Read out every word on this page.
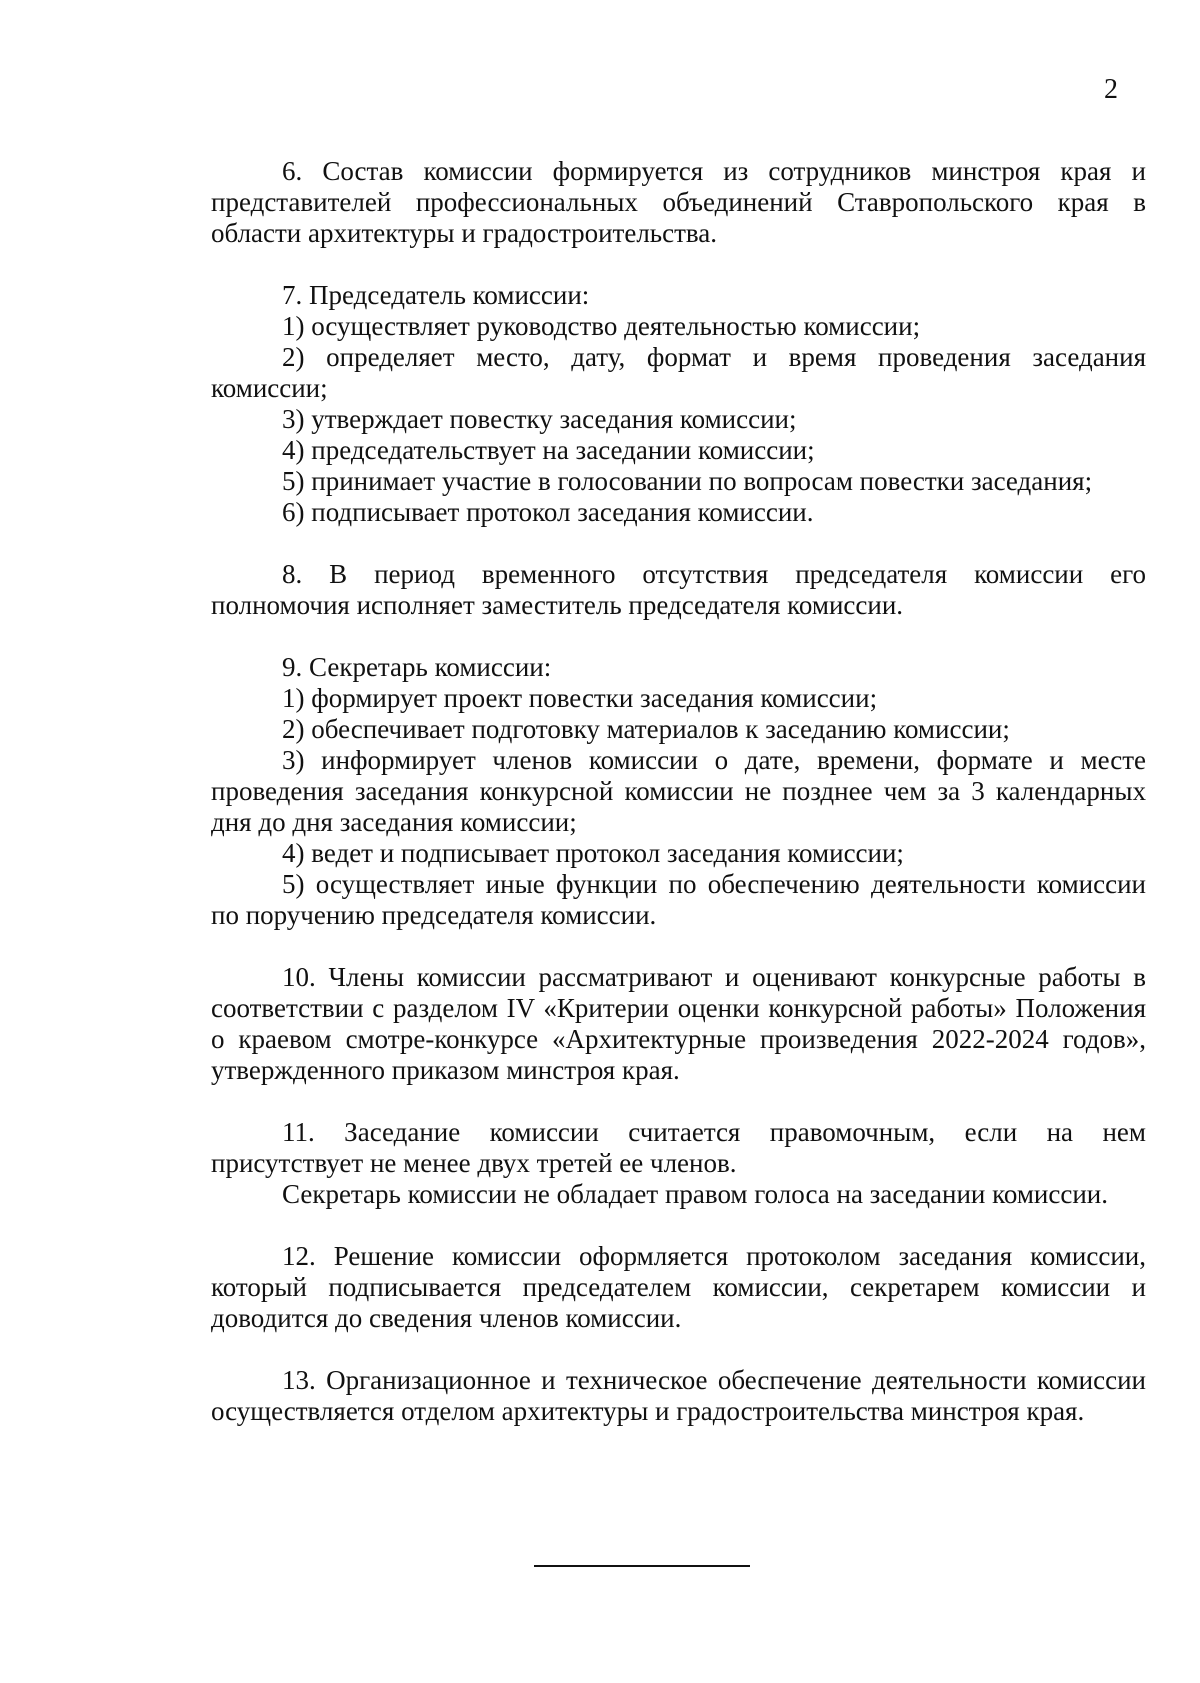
2

6. Состав комиссии формируется из сотрудников минстроя края и представителей профессиональных объединений Ставропольского края в области архитектуры и градостроительства.

7. Председатель комиссии:

1) осуществляет руководство деятельностью комиссии;

2) определяет место, дату, формат и время проведения заседания комиссии;

3) утверждает повестку заседания комиссии;

4) председательствует на заседании комиссии;

5) принимает участие в голосовании по вопросам повестки заседания;

6) подписывает протокол заседания комиссии.

8. В период временного отсутствия председателя комиссии его полномочия исполняет заместитель председателя комиссии.

9. Секретарь комиссии:

1) формирует проект повестки заседания комиссии;

2) обеспечивает подготовку материалов к заседанию комиссии;

3) информирует членов комиссии о дате, времени, формате и месте проведения заседания конкурсной комиссии не позднее чем за 3 календарных дня до дня заседания комиссии;

4) ведет и подписывает протокол заседания комиссии;

5) осуществляет иные функции по обеспечению деятельности комиссии по поручению председателя комиссии.

10. Члены комиссии рассматривают и оценивают конкурсные работы в соответствии с разделом IV «Критерии оценки конкурсной работы» Положения о краевом смотре-конкурсе «Архитектурные произведения 2022-2024 годов», утвержденного приказом минстроя края.

11. Заседание комиссии считается правомочным, если на нем присутствует не менее двух третей ее членов.

Секретарь комиссии не обладает правом голоса на заседании комиссии.

12. Решение комиссии оформляется протоколом заседания комиссии, который подписывается председателем комиссии, секретарем комиссии и доводится до сведения членов комиссии.

13. Организационное и техническое обеспечение деятельности комиссии осуществляется отделом архитектуры и градостроительства минстроя края.
